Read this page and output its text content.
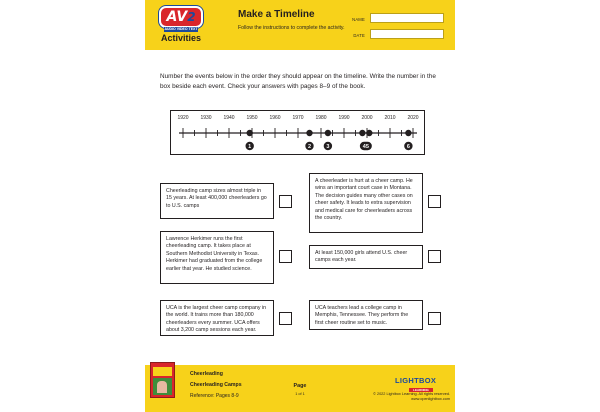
AV2
AUDIO VIDEO TEXT
Activities
Make a Timeline
Follow the instructions to complete the activity.
NAME
DATE
Number the events below in the order they should appear on the timeline. Write the number in the box beside each event. Check your answers with pages 8–9 of the book.
1920 1930 1940 1950 1960 1970 1980 1990 2000 2010 2020
1	2	3	6
45
Cheerleading camp sizes almost triple in 15 years. At least 400,000 cheerleaders go to U.S. camps
Lawrence Herkimer runs the first cheerleading camp. It takes place at Southern Methodist University in Texas. Herkimer had graduated from the college earlier that year. He studied science.
UCA is the largest cheer camp company in the world. It trains more than 180,000 cheerleaders every summer. UCA offers about 3,200 camp sessions each year.
A cheerleader is hurt at a cheer camp. He wins an important court case in Montana. The decision guides many other cases on cheer safety. It leads to extra supervision and medical care for cheerleaders across the country.
At least 150,000 girls attend U.S. cheer camps each year.
UCA teachers lead a college camp in Memphis, Tennessee. They perform the first cheer routine set to music.
Cheerleading
Cheerleading Camps
Reference: Pages 8-9
Page
1 of 1
LIGHTBOX
LEARNING
© 2022 Lightbox Learning. All rights reserved.
www.openlightbox.com
